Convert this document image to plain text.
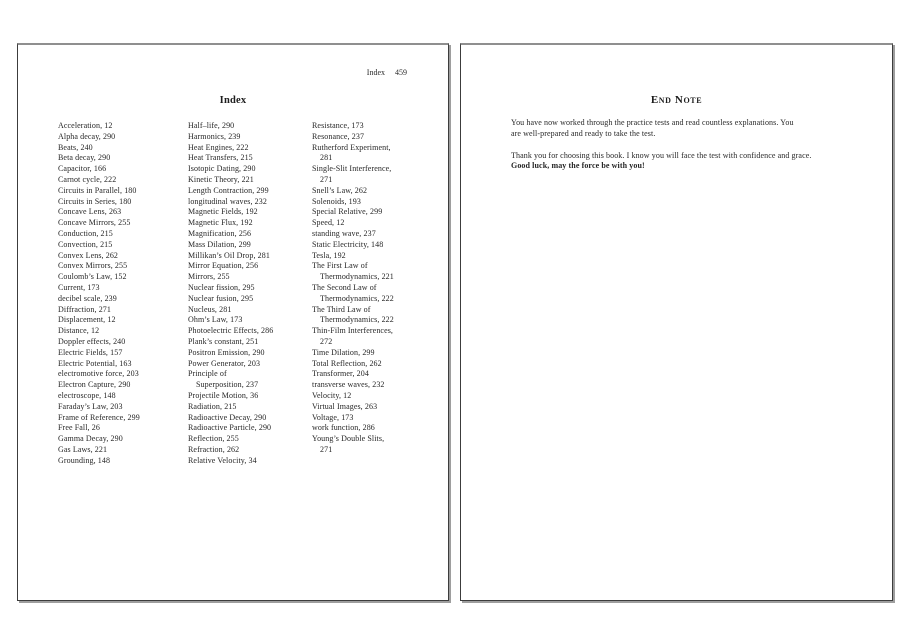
Index 459
Index
Acceleration, 12
Alpha decay, 290
Beats, 240
Beta decay, 290
Capacitor, 166
Carnot cycle, 222
Circuits in Parallel, 180
Circuits in Series, 180
Concave Lens, 263
Concave Mirrors, 255
Conduction, 215
Convection, 215
Convex Lens, 262
Convex Mirrors, 255
Coulomb’s Law, 152
Current, 173
decibel scale, 239
Diffraction, 271
Displacement, 12
Distance, 12
Doppler effects, 240
Electric Fields, 157
Electric Potential, 163
electromotive force, 203
Electron Capture, 290
electroscope, 148
Faraday’s Law, 203
Frame of Reference, 299
Free Fall, 26
Gamma Decay, 290
Gas Laws, 221
Grounding, 148
Half–life, 290
Harmonics, 239
Heat Engines, 222
Heat Transfers, 215
Isotopic Dating, 290
Kinetic Theory, 221
Length Contraction, 299
longitudinal waves, 232
Magnetic Fields, 192
Magnetic Flux, 192
Magnification, 256
Mass Dilation, 299
Millikan’s Oil Drop, 281
Mirror Equation, 256
Mirrors, 255
Nuclear fission, 295
Nuclear fusion, 295
Nucleus, 281
Ohm’s Law, 173
Photoelectric Effects, 286
Plank’s constant, 251
Positron Emission, 290
Power Generator, 203
Principle of
Superposition, 237
Projectile Motion, 36
Radiation, 215
Radioactive Decay, 290
Radioactive Particle, 290
Reflection, 255
Refraction, 262
Relative Velocity, 34
Resistance, 173
Resonance, 237
Rutherford Experiment,
281
Single-Slit Interference,
271
Snell’s Law, 262
Solenoids, 193
Special Relative, 299
Speed, 12
standing wave, 237
Static Electricity, 148
Tesla, 192
The First Law of
Thermodynamics, 221
The Second Law of
Thermodynamics, 222
The Third Law of
Thermodynamics, 222
Thin-Film Interferences,
272
Time Dilation, 299
Total Reflection, 262
Transformer, 204
transverse waves, 232
Velocity, 12
Virtual Images, 263
Voltage, 173
work function, 286
Young’s Double Slits,
271
End Note
You have now worked through the practice tests and read countless explanations. You
are well-prepared and ready to take the test.
Thank you for choosing this book. I know you will face the test with confidence and grace.
Good luck, may the force be with you!
